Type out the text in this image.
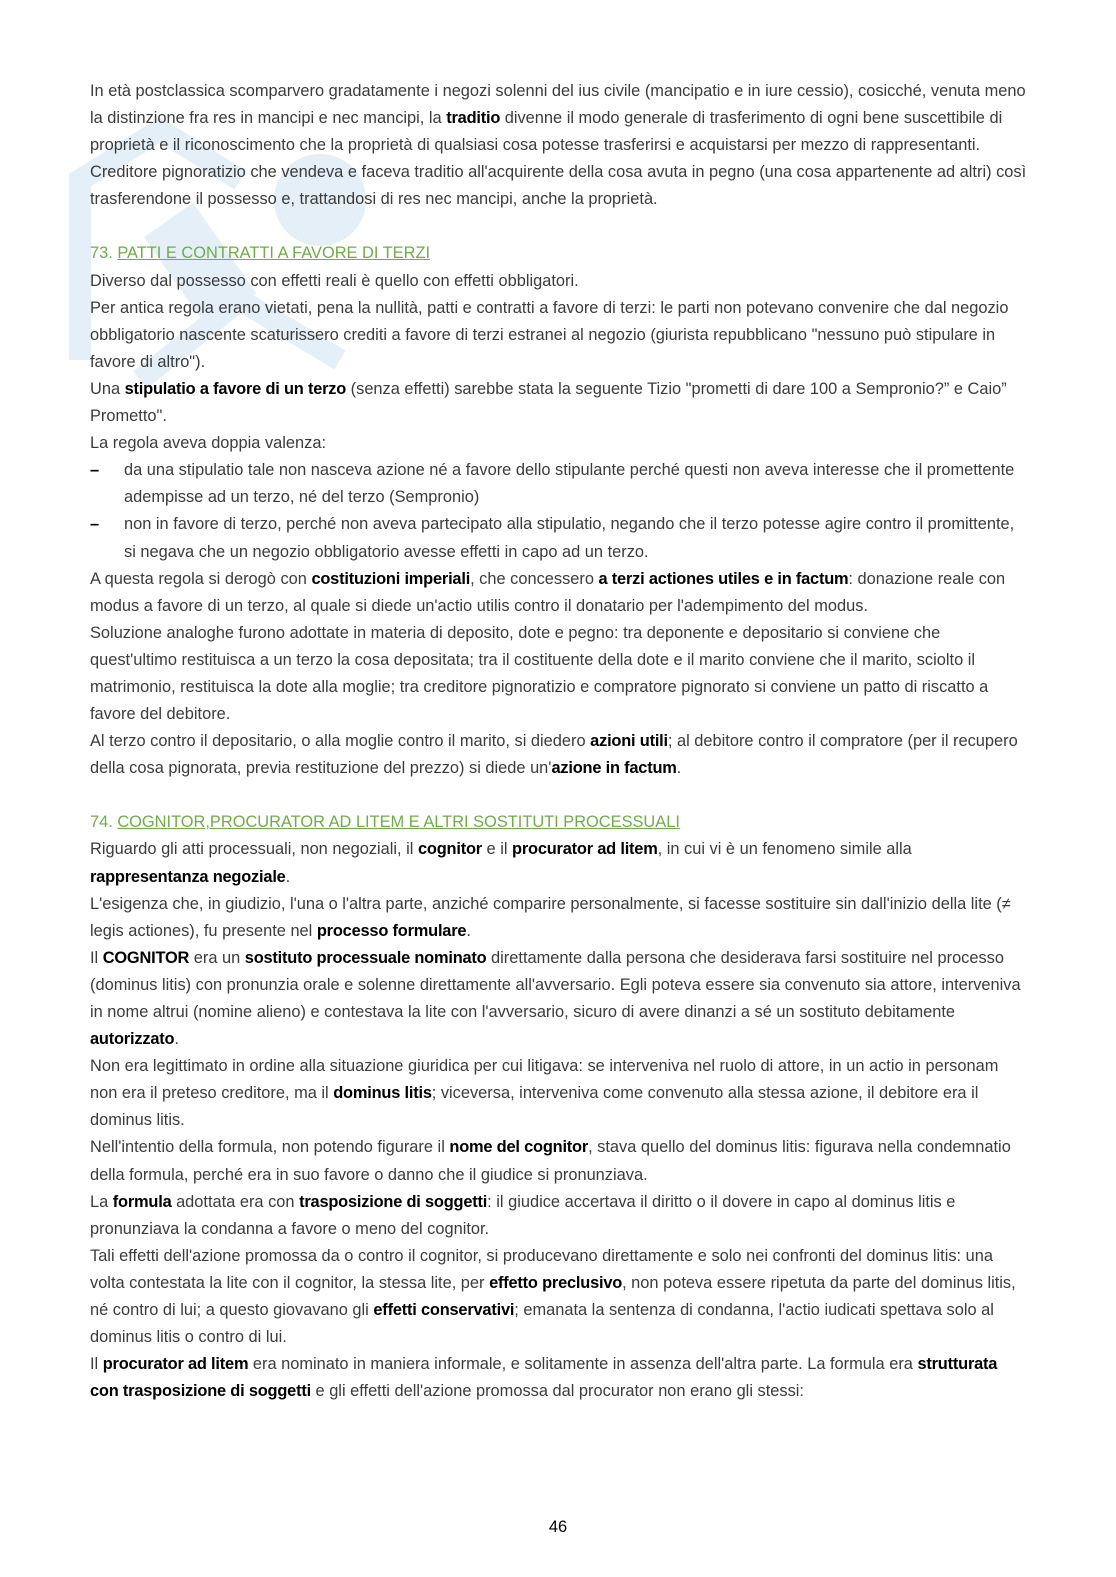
In età postclassica scomparvero gradatamente i negozi solenni del ius civile (mancipatio e in iure cessio), cosicché, venuta meno la distinzione fra res in mancipi e nec mancipi, la traditio divenne il modo generale di trasferimento di ogni bene suscettibile di proprietà e il riconoscimento che la proprietà di qualsiasi cosa potesse trasferirsi e acquistarsi per mezzo di rappresentanti.

Creditore pignoratizio che vendeva e faceva traditio all'acquirente della cosa avuta in pegno (una cosa appartenente ad altri) così trasferendone il possesso e, trattandosi di res nec mancipi, anche la proprietà.

73. PATTI E CONTRATTI A FAVORE DI TERZI

Diverso dal possesso con effetti reali è quello con effetti obbligatori.

Per antica regola erano vietati, pena la nullità, patti e contratti a favore di terzi: le parti non potevano convenire che dal negozio obbligatorio nascente scaturissero crediti a favore di terzi estranei al negozio (giurista repubblicano "nessuno può stipulare in favore di altro").

Una stipulatio a favore di un terzo (senza effetti) sarebbe stata la seguente Tizio "prometti di dare 100 a Sempronio?” e Caio” Prometto".

La regola aveva doppia valenza:

– da una stipulatio tale non nasceva azione né a favore dello stipulante perché questi non aveva interesse che il promettente adempisse ad un terzo, né del terzo (Sempronio)
– non in favore di terzo, perché non aveva partecipato alla stipulatio, negando che il terzo potesse agire contro il promittente, si negava che un negozio obbligatorio avesse effetti in capo ad un terzo.

A questa regola si derogò con costituzioni imperiali, che concessero a terzi actiones utiles e in factum: donazione reale con modus a favore di un terzo, al quale si diede un'actio utilis contro il donatario per l'adempimento del modus.

Soluzione analoghe furono adottate in materia di deposito, dote e pegno: tra deponente e depositario si conviene che quest'ultimo restituisca a un terzo la cosa depositata; tra il costituente della dote e il marito conviene che il marito, sciolto il matrimonio, restituisca la dote alla moglie; tra creditore pignoratizio e compratore pignorato si conviene un patto di riscatto a favore del debitore.

Al terzo contro il depositario, o alla moglie contro il marito, si diedero azioni utili; al debitore contro il compratore (per il recupero della cosa pignorata, previa restituzione del prezzo) si diede un'azione in factum.

74. COGNITOR,PROCURATOR AD LITEM E ALTRI SOSTITUTI PROCESSUALI

Riguardo gli atti processuali, non negoziali, il cognitor e il procurator ad litem, in cui vi è un fenomeno simile alla rappresentanza negoziale.

L'esigenza che, in giudizio, l'una o l'altra parte, anziché comparire personalmente, si facesse sostituire sin dall'inizio della lite (≠ legis actiones), fu presente nel processo formulare.

Il COGNITOR era un sostituto processuale nominato direttamente dalla persona che desiderava farsi sostituire nel processo (dominus litis) con pronunzia orale e solenne direttamente all'avversario. Egli poteva essere sia convenuto sia attore, interveniva in nome altrui (nomine alieno) e contestava la lite con l'avversario, sicuro di avere dinanzi a sé un sostituto debitamente autorizzato.

Non era legittimato in ordine alla situazione giuridica per cui litigava: se interveniva nel ruolo di attore, in un actio in personam non era il preteso creditore, ma il dominus litis; viceversa, interveniva come convenuto alla stessa azione, il debitore era il dominus litis.

Nell'intentio della formula, non potendo figurare il nome del cognitor, stava quello del dominus litis: figurava nella condemnatio della formula, perché era in suo favore o danno che il giudice si pronunziava.

La formula adottata era con trasposizione di soggetti: il giudice accertava il diritto o il dovere in capo al dominus litis e pronunziava la condanna a favore o meno del cognitor.

Tali effetti dell'azione promossa da o contro il cognitor, si producevano direttamente e solo nei confronti del dominus litis: una volta contestata la lite con il cognitor, la stessa lite, per effetto preclusivo, non poteva essere ripetuta da parte del dominus litis, né contro di lui; a questo giovavano gli effetti conservativi; emanata la sentenza di condanna, l'actio iudicati spettava solo al dominus litis o contro di lui.

Il procurator ad litem era nominato in maniera informale, e solitamente in assenza dell'altra parte. La formula era strutturata con trasposizione di soggetti e gli effetti dell'azione promossa dal procurator non erano gli stessi:

46
